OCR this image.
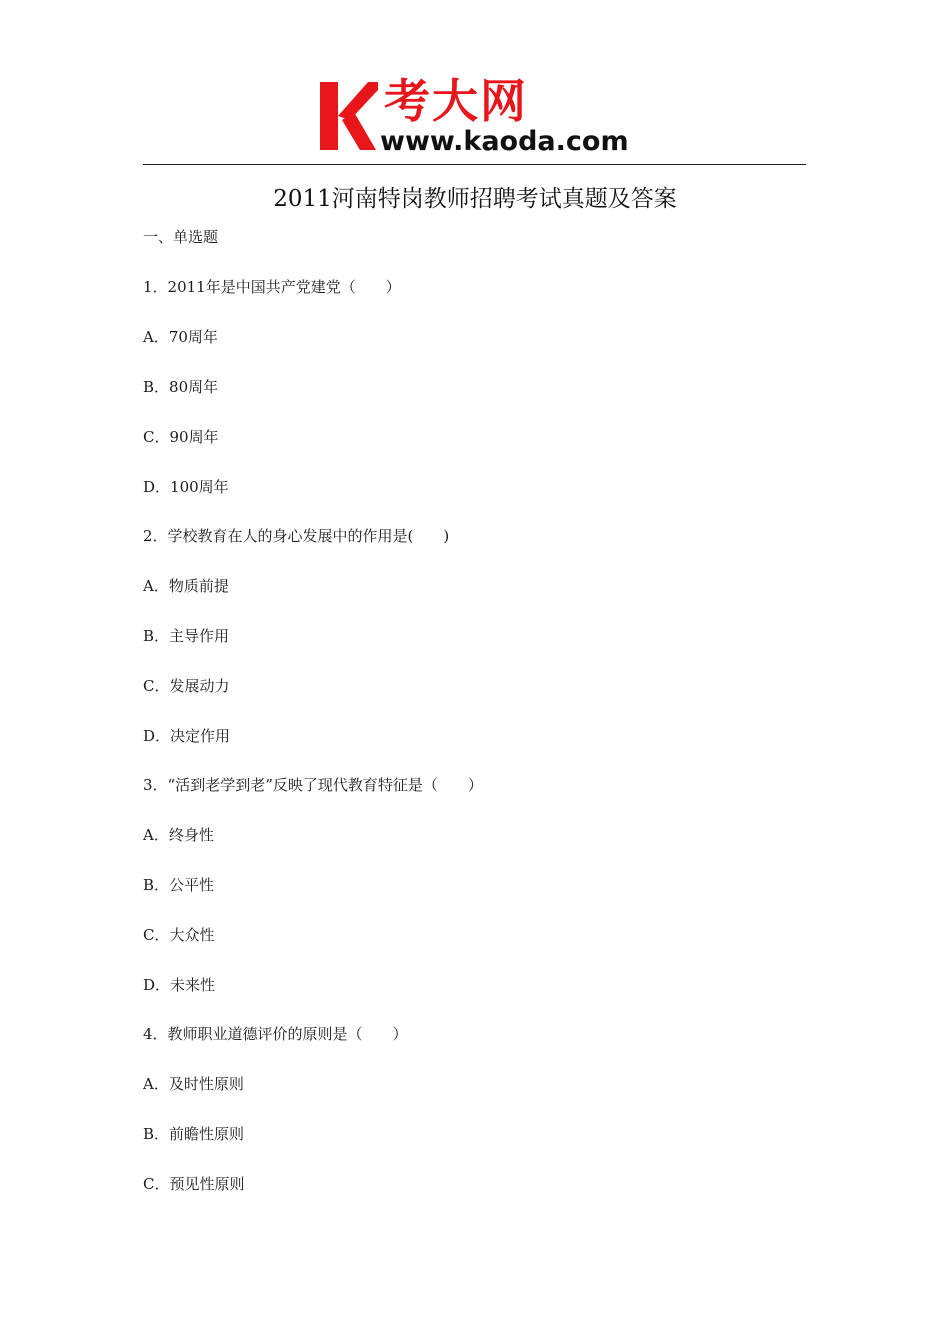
考大网
www.kaoda.com
2011河南特岗教师招聘考试真题及答案
一、单选题
1．2011年是中国共产党建党（　　）
A．70周年
B．80周年
C．90周年
D．100周年
2．学校教育在人的身心发展中的作用是(　　)
A．物质前提
B．主导作用
C．发展动力
D．决定作用
3．“活到老学到老”反映了现代教育特征是（　　）
A．终身性
B．公平性
C．大众性
D．未来性
4．教师职业道德评价的原则是（　　）
A．及时性原则
B．前瞻性原则
C．预见性原则
